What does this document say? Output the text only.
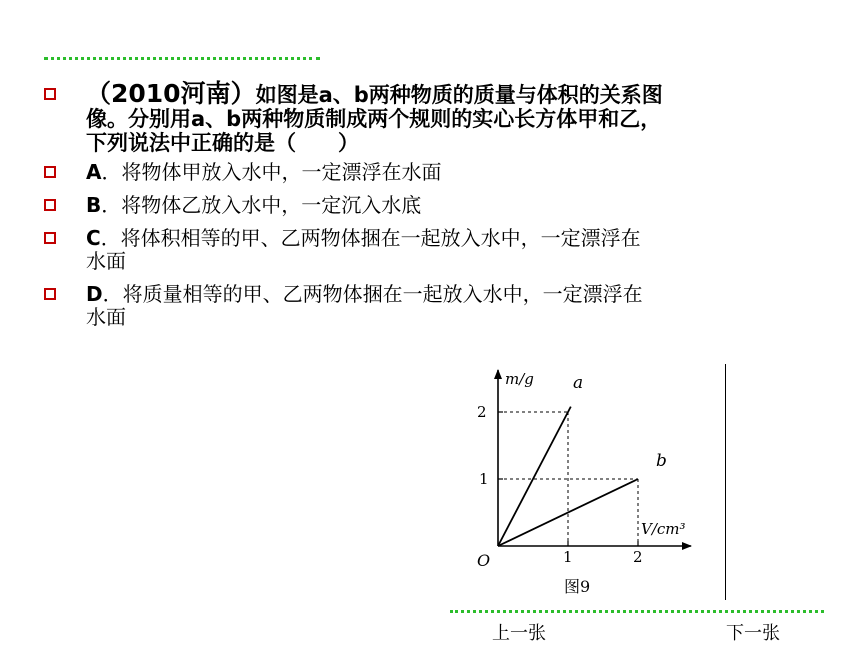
（2010河南）如图是a、b两种物质的质量与体积的关系图
像。分别用a、b两种物质制成两个规则的实心长方体甲和乙，
下列说法中正确的是（　　）
A．将物体甲放入水中，一定漂浮在水面
B．将物体乙放入水中，一定沉入水底
C．将体积相等的甲、乙两物体捆在一起放入水中，一定漂浮在
水面
D．将质量相等的甲、乙两物体捆在一起放入水中，一定漂浮在
水面
m/g
V/cm³
O
1
2
1	2
a
b
图9
上一张	下一张
